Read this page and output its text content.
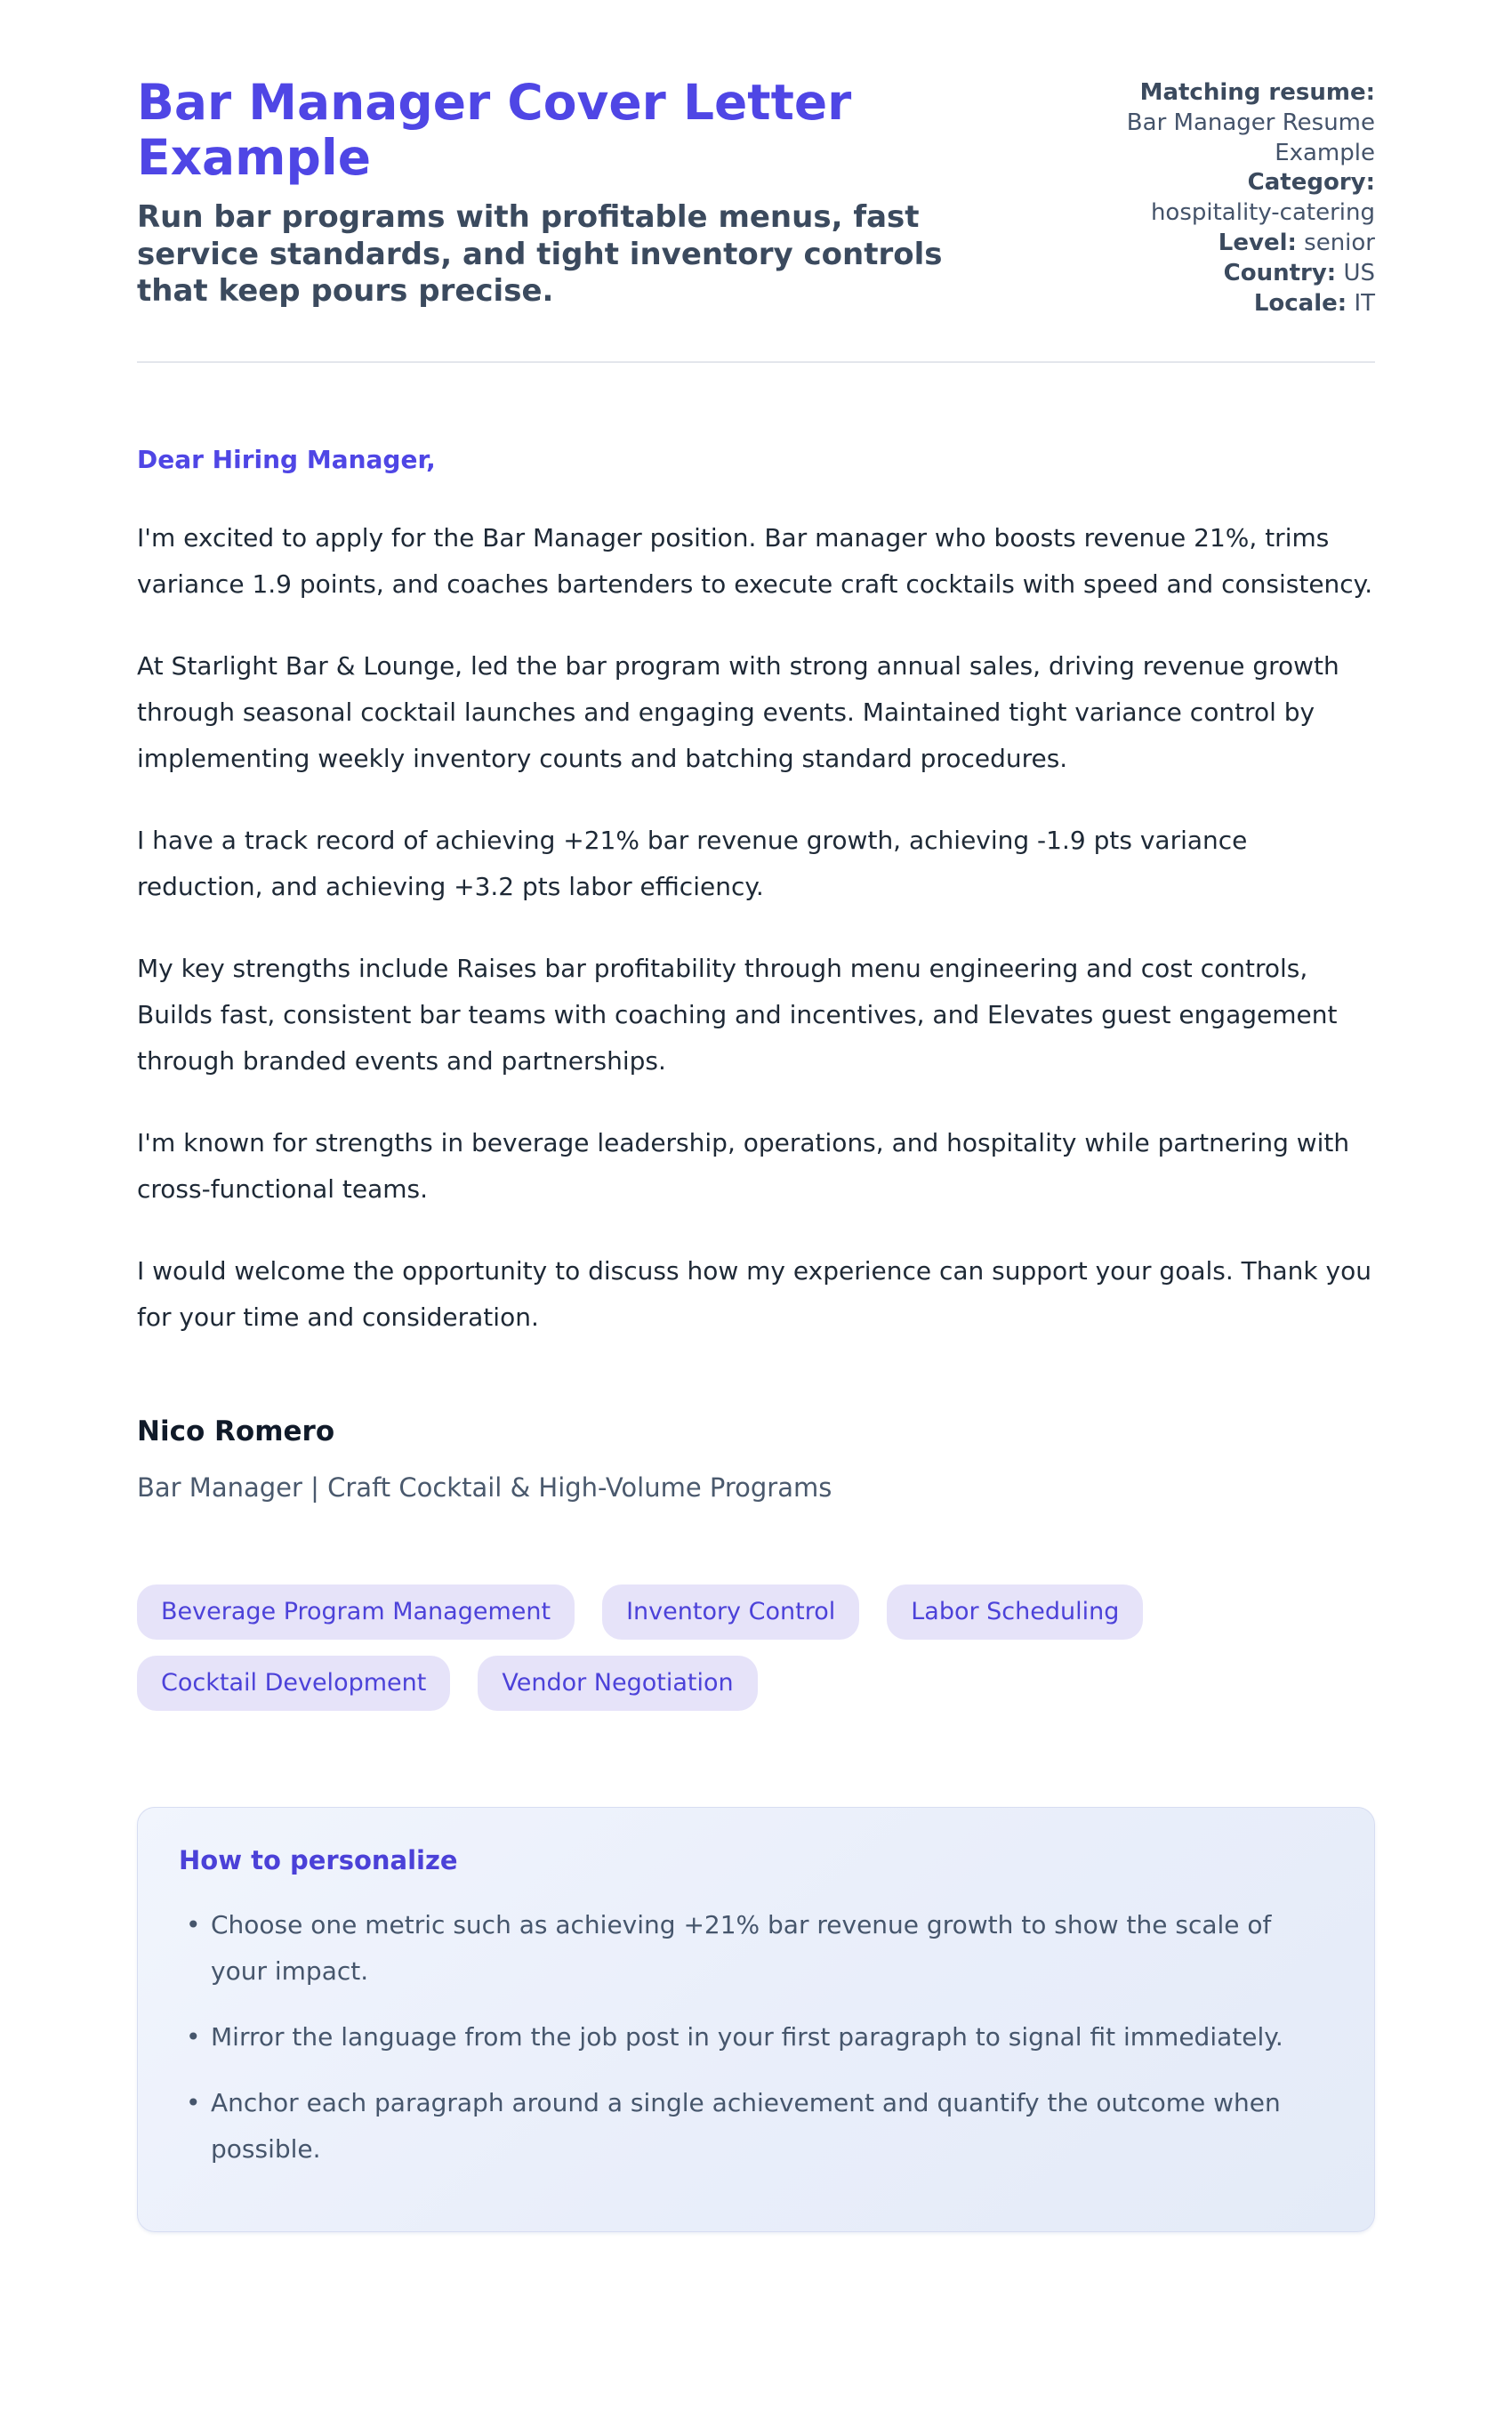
Bar Manager Cover Letter Example

Run bar programs with profitable menus, fast service standards, and tight inventory controls that keep pours precise.

Matching resume: Bar Manager Resume Example
Category: hospitality-catering
Level: senior
Country: US
Locale: IT

Dear Hiring Manager,

I'm excited to apply for the Bar Manager position. Bar manager who boosts revenue 21%, trims variance 1.9 points, and coaches bartenders to execute craft cocktails with speed and consistency.

At Starlight Bar & Lounge, led the bar program with strong annual sales, driving revenue growth through seasonal cocktail launches and engaging events. Maintained tight variance control by implementing weekly inventory counts and batching standard procedures.

I have a track record of achieving +21% bar revenue growth, achieving -1.9 pts variance reduction, and achieving +3.2 pts labor efficiency.

My key strengths include Raises bar profitability through menu engineering and cost controls, Builds fast, consistent bar teams with coaching and incentives, and Elevates guest engagement through branded events and partnerships.

I'm known for strengths in beverage leadership, operations, and hospitality while partnering with cross-functional teams.

I would welcome the opportunity to discuss how my experience can support your goals. Thank you for your time and consideration.

Nico Romero

Bar Manager | Craft Cocktail & High-Volume Programs

Beverage Program Management	Inventory Control	Labor Scheduling
Cocktail Development	Vendor Negotiation
How to personalize
• Choose one metric such as achieving +21% bar revenue growth to show the scale of your impact.
• Mirror the language from the job post in your first paragraph to signal fit immediately.
• Anchor each paragraph around a single achievement and quantify the outcome when possible.
